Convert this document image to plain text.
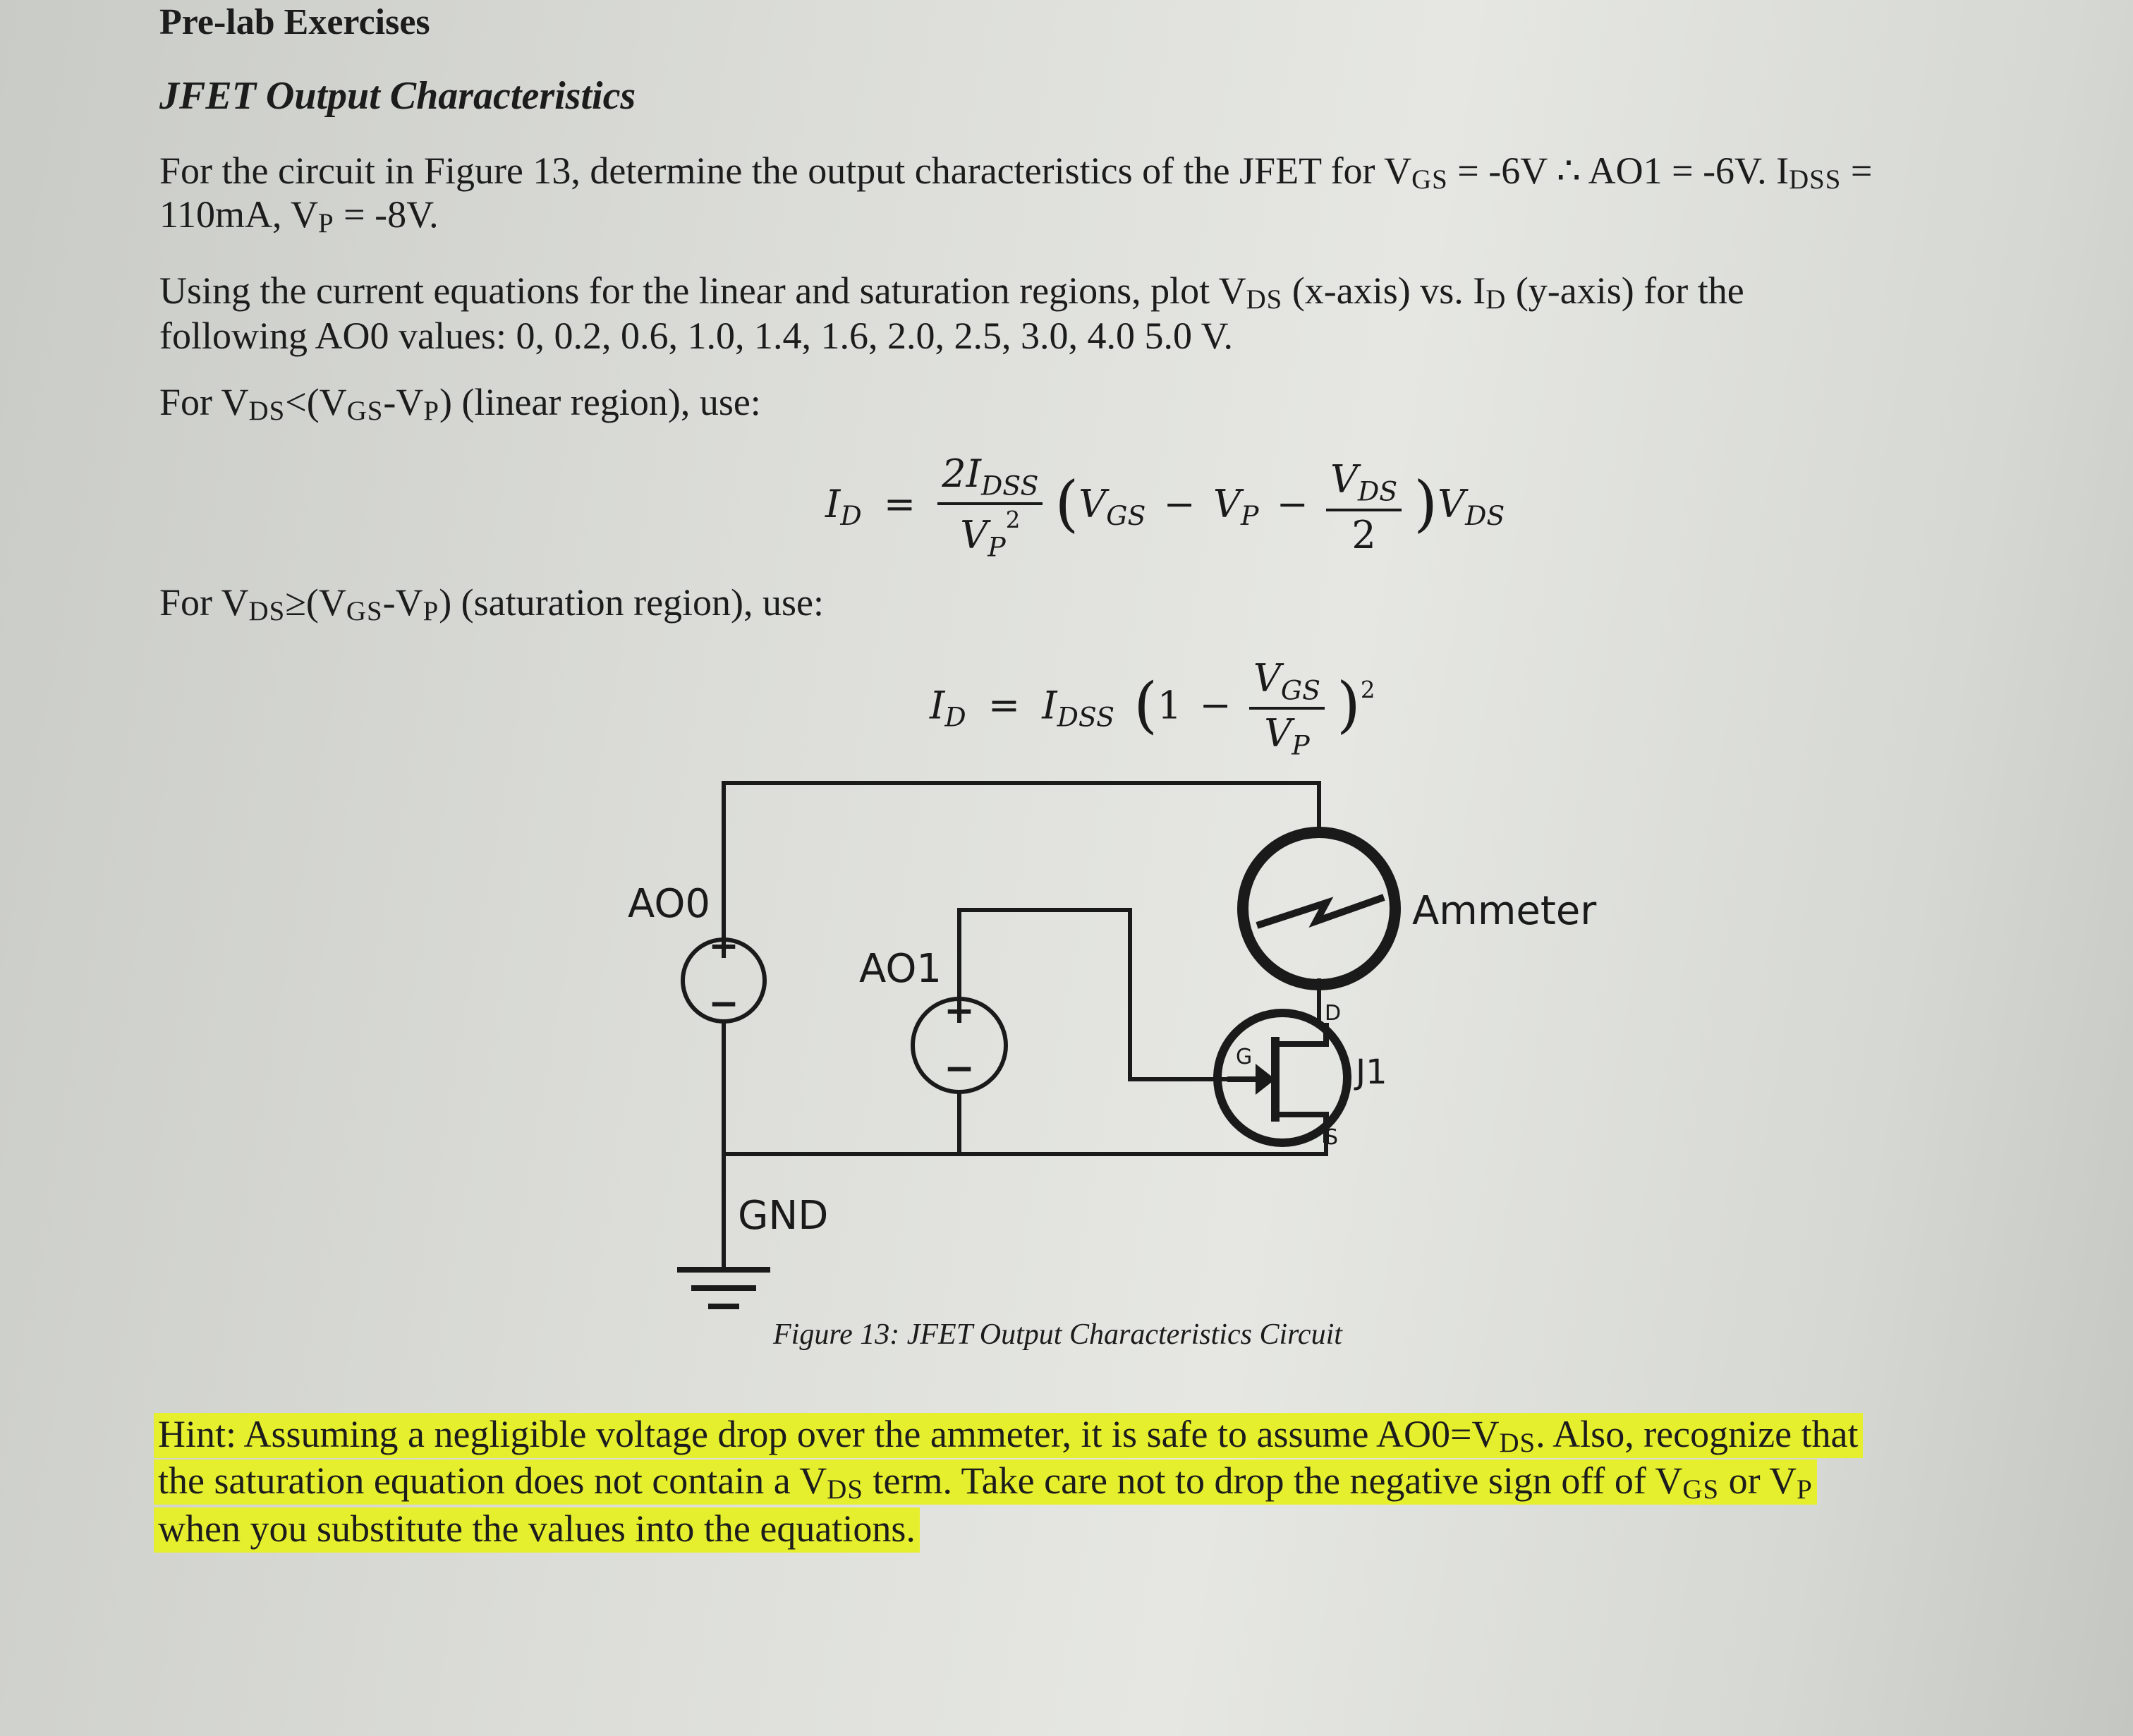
Pre-lab Exercises
JFET Output Characteristics
For the circuit in Figure 13, determine the output characteristics of the JFET for VGS = -6V ∴ AO1 = -6V. IDSS =
110mA, VP = -8V.
Using the current equations for the linear and saturation regions, plot VDS (x-axis) vs. ID (y-axis) for the
following AO0 values: 0, 0.2, 0.6, 1.0, 1.4, 1.6, 2.0, 2.5, 3.0, 4.0 5.0 V.
For VDS<(VGS-VP) (linear region), use:
$I_D = \frac{2I_{DSS}}{V_P^2} (V_{GS} - V_P - \frac{V_{DS}}{2} )V_{DS}$
For VDS≥(VGS-VP) (saturation region), use:
$I_D = I_{DSS}$ $(1 - \frac{V_{GS}}{V_P} )^2$
+
−	+
−
AO0
AO1
GND
Ammeter
J1
D
G
S
Figure 13: JFET Output Characteristics Circuit
Hint: Assuming a negligible voltage drop over the ammeter, it is safe to assume AO0=VDS. Also, recognize that
the saturation equation does not contain a VDS term. Take care not to drop the negative sign off of VGS or VP
when you substitute the values into the equations.
